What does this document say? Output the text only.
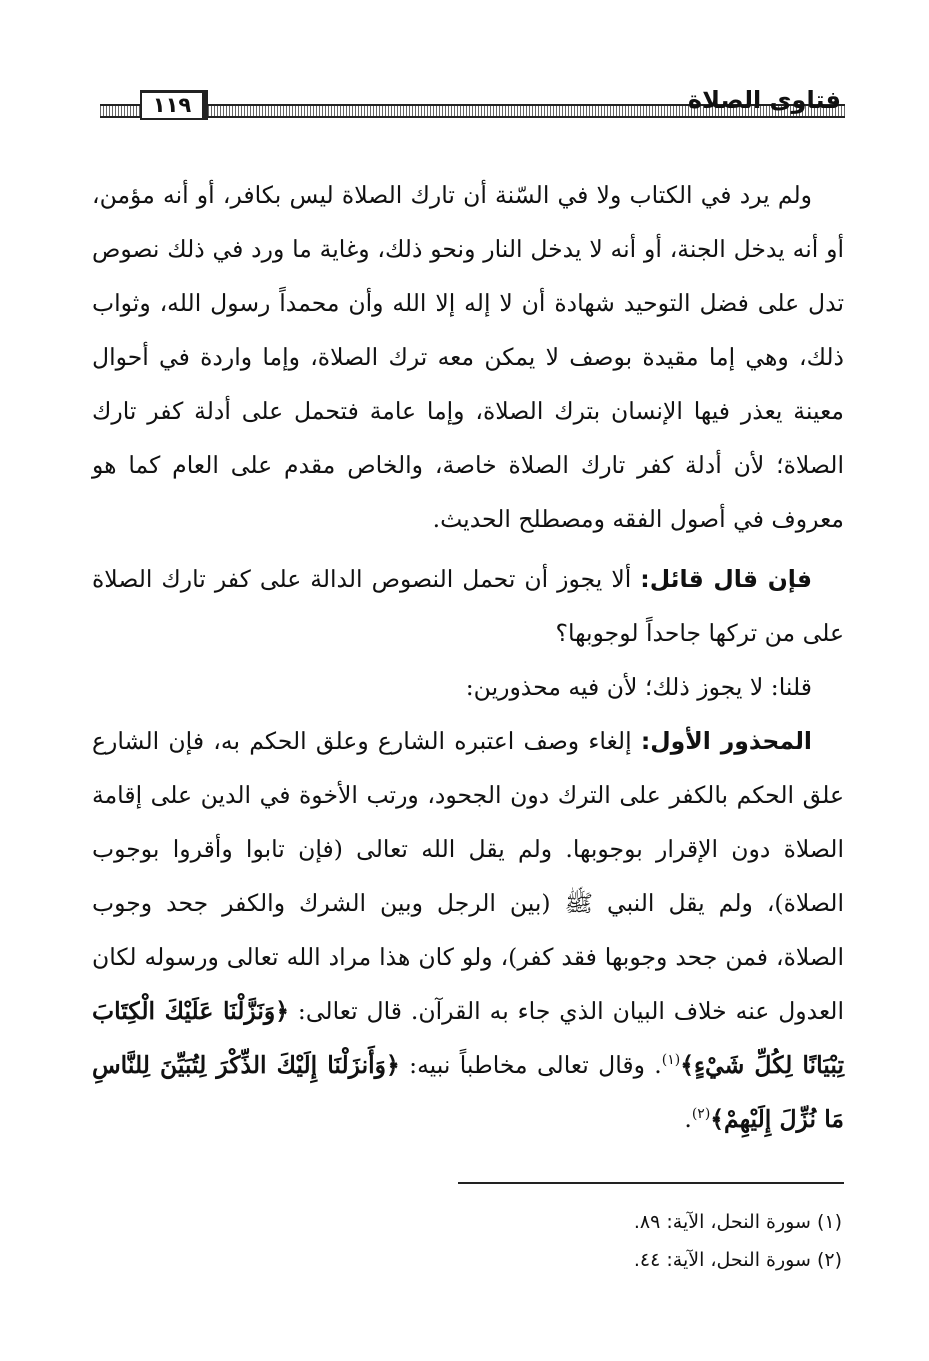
فتاوى الصلاة
١١٩

ولم يرد في الكتاب ولا في السّنة أن تارك الصلاة ليس بكافر، أو أنه مؤمن، أو أنه يدخل الجنة، أو أنه لا يدخل النار ونحو ذلك، وغاية ما ورد في ذلك نصوص تدل على فضل التوحيد شهادة أن لا إله إلا الله وأن محمداً رسول الله، وثواب ذلك، وهي إما مقيدة بوصف لا يمكن معه ترك الصلاة، وإما واردة في أحوال معينة يعذر فيها الإنسان بترك الصلاة، وإما عامة فتحمل على أدلة كفر تارك الصلاة؛ لأن أدلة كفر تارك الصلاة خاصة، والخاص مقدم على العام كما هو معروف في أصول الفقه ومصطلح الحديث.

فإن قال قائل: ألا يجوز أن تحمل النصوص الدالة على كفر تارك الصلاة على من تركها جاحداً لوجوبها؟

قلنا: لا يجوز ذلك؛ لأن فيه محذورين:

المحذور الأول: إلغاء وصف اعتبره الشارع وعلق الحكم به، فإن الشارع علق الحكم بالكفر على الترك دون الجحود، ورتب الأخوة في الدين على إقامة الصلاة دون الإقرار بوجوبها. ولم يقل الله تعالى (فإن تابوا وأقروا بوجوب الصلاة)، ولم يقل النبي ﷺ (بين الرجل وبين الشرك والكفر جحد وجوب الصلاة، فمن جحد وجوبها فقد كفر)، ولو كان هذا مراد الله تعالى ورسوله لكان العدول عنه خلاف البيان الذي جاء به القرآن. قال تعالى: ﴿وَنَزَّلْنَا عَلَيْكَ الْكِتَابَ تِبْيَانًا لِكُلِّ شَيْءٍ﴾$^{(١)}$. وقال تعالى مخاطباً نبيه: ﴿وَأَنزَلْنَا إِلَيْكَ الذِّكْرَ لِتُبَيِّنَ لِلنَّاسِ مَا نُزِّلَ إِلَيْهِمْ﴾$^{(٢)}$.

(١) سورة النحل، الآية: ٨٩.

(٢) سورة النحل، الآية: ٤٤.
